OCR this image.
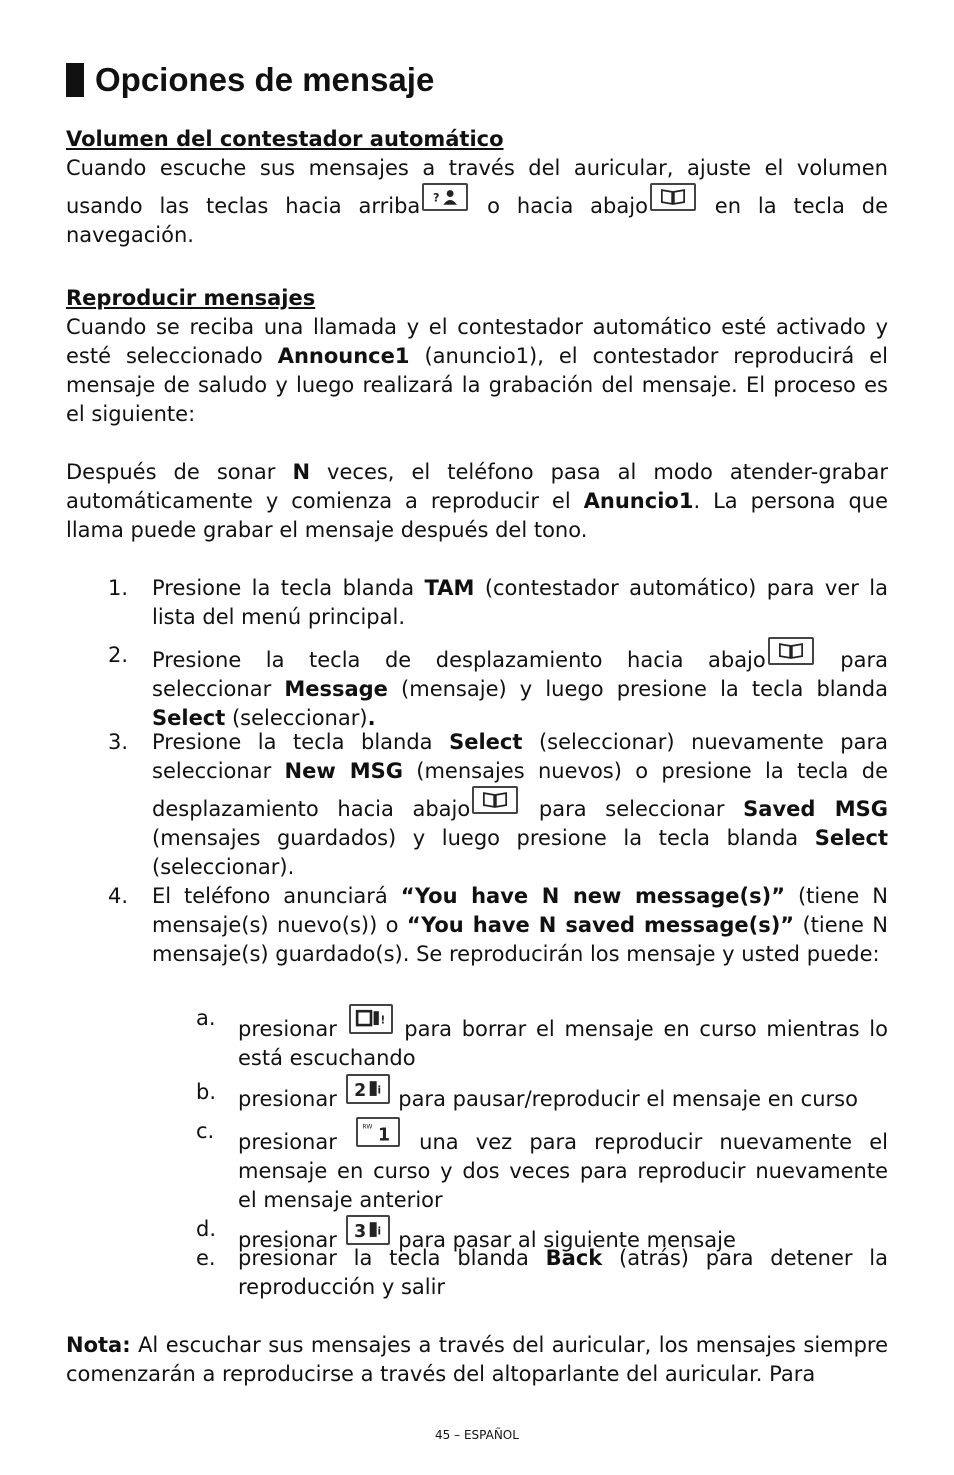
Opciones de mensaje
Volumen del contestador automático
Cuando escuche sus mensajes a través del auricular, ajuste el volumen usando las teclas hacia arriba ? o hacia abajo
en la tecla de navegación.
Reproducir mensajes
Cuando se reciba una llamada y el contestador automático esté activado y esté seleccionado Announce1 (anuncio1), el contestador reproducirá el mensaje de saludo y luego realizará la grabación del mensaje. El proceso es el siguiente:
Después de sonar N veces, el teléfono pasa al modo atender-grabar automáticamente y comienza a reproducir el Anuncio1. La persona que llama puede grabar el mensaje después del tono.
1.	Presione la tecla blanda TAM (contestador automático) para ver la lista del menú principal.
2.	Presione la tecla de desplazamiento hacia abajo
para seleccionar Message (mensaje) y luego presione la tecla blanda Select (seleccionar).
3.	Presione la tecla blanda Select (seleccionar) nuevamente para seleccionar New MSG (mensajes nuevos) o presione la tecla de desplazamiento hacia abajo
para seleccionar Saved MSG (mensajes guardados) y luego presione la tecla blanda Select (seleccionar).
4.	El teléfono anunciará “You have N new message(s)” (tiene N mensaje(s) nuevo(s)) o “You have N saved message(s)” (tiene N mensaje(s) guardado(s). Se reproducirán los mensaje y usted puede:
a. presionar	! para borrar el mensaje en curso mientras lo está escuchando
b. presionar 2 i para pausar/reproducir el mensaje en curso
c. presionar
RW 1 una vez para reproducir nuevamente el mensaje en curso y dos veces para reproducir nuevamente el mensaje anterior
d. presionar 3 i para pasar al siguiente mensaje
e. presionar la tecla blanda Back (atrás) para detener la reproducción y salir
Nota: Al escuchar sus mensajes a través del auricular, los mensajes siempre comenzarán a reproducirse a través del altoparlante del auricular. Para
45 – ESPAÑOL
